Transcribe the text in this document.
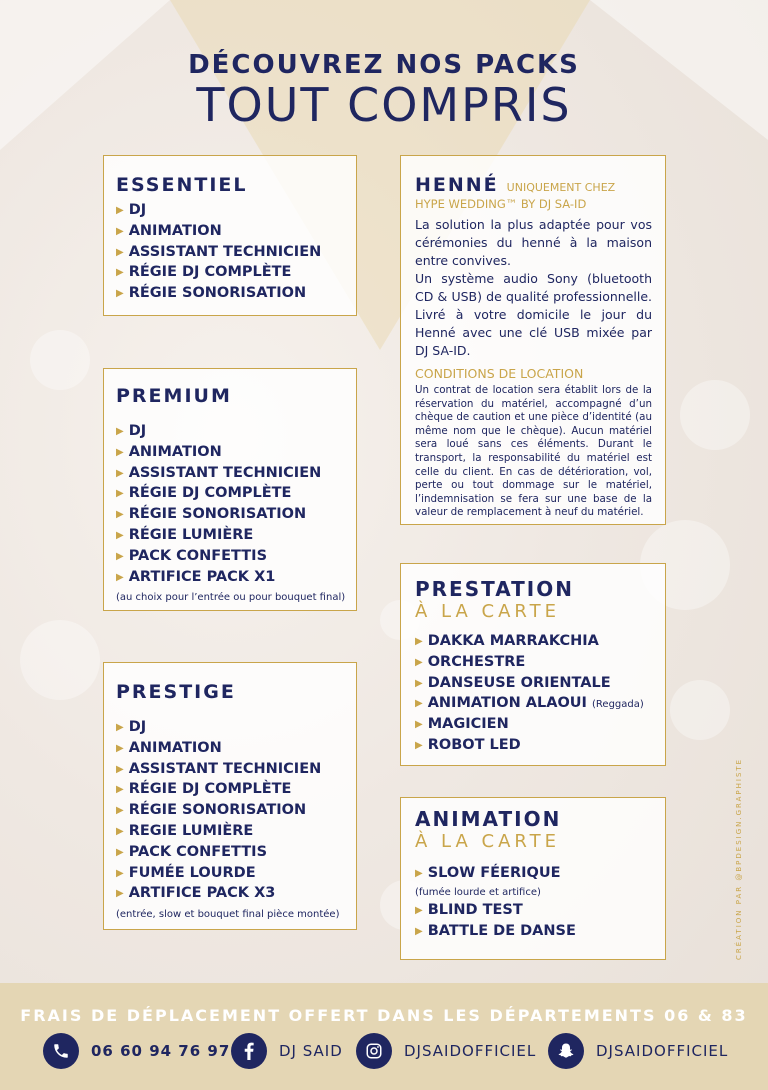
DÉCOUVREZ NOS PACKS
TOUT COMPRIS
ESSENTIEL
▶ DJ
▶ ANIMATION
▶ ASSISTANT TECHNICIEN
▶ RÉGIE DJ COMPLÈTE
▶ RÉGIE SONORISATION
PREMIUM
▶ DJ
▶ ANIMATION
▶ ASSISTANT TECHNICIEN
▶ RÉGIE DJ COMPLÈTE
▶ RÉGIE SONORISATION
▶ RÉGIE LUMIÈRE
▶ PACK CONFETTIS
▶ ARTIFICE PACK X1
(au choix pour l’entrée ou pour bouquet final)
PRESTIGE
▶ DJ
▶ ANIMATION
▶ ASSISTANT TECHNICIEN
▶ RÉGIE DJ COMPLÈTE
▶ RÉGIE SONORISATION
▶ REGIE LUMIÈRE
▶ PACK CONFETTIS
▶ FUMÉE LOURDE
▶ ARTIFICE PACK X3
(entrée, slow et bouquet final pièce montée)
HENNÉ UNIQUEMENT CHEZ
HYPE WEDDING™ BY DJ SA-ID
La solution la plus adaptée pour vos cérémonies du henné à la maison entre convives.
Un système audio Sony (bluetooth CD & USB) de qualité professionnelle. Livré à votre domicile le jour du Henné avec une clé USB mixée par DJ SA-ID.
CONDITIONS DE LOCATION
Un contrat de location sera établit lors de la réservation du matériel, accompagné d’un chèque de caution et une pièce d’identité (au même nom que le chèque). Aucun matériel sera loué sans ces éléments. Durant le transport, la responsabilité du matériel est celle du client. En cas de détérioration, vol, perte ou tout dommage sur le matériel, l’indemnisation se fera sur une base de la valeur de remplacement à neuf du matériel.
PRESTATION
À LA CARTE
▶ DAKKA MARRAKCHIA
▶ ORCHESTRE
▶ DANSEUSE ORIENTALE
▶ ANIMATION ALAOUI (Reggada)
▶ MAGICIEN
▶ ROBOT LED
ANIMATION
À LA CARTE
▶ SLOW FÉERIQUE
(fumée lourde et artifice)
▶ BLIND TEST
▶ BATTLE DE DANSE	CRÉATION PAR @BPDESIGN.GRAPHISTE
FRAIS DE DÉPLACEMENT OFFERT DANS LES DÉPARTEMENTS 06 & 83
06 60 94 76 97	DJ SAID	DJSAIDOFFICIEL	DJSAIDOFFICIEL
